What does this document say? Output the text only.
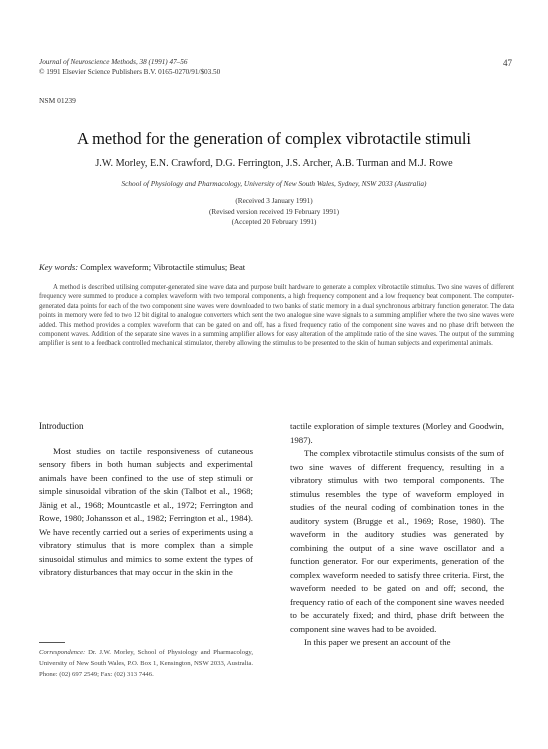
Journal of Neuroscience Methods, 38 (1991) 47–56
© 1991 Elsevier Science Publishers B.V. 0165-0270/91/$03.50
47
NSM 01239
A method for the generation of complex vibrotactile stimuli
J.W. Morley, E.N. Crawford, D.G. Ferrington, J.S. Archer, A.B. Turman and M.J. Rowe
School of Physiology and Pharmacology, University of New South Wales, Sydney, NSW 2033 (Australia)
(Received 3 January 1991)
(Revised version received 19 February 1991)
(Accepted 20 February 1991)
Key words: Complex waveform; Vibrotactile stimulus; Beat
A method is described utilising computer-generated sine wave data and purpose built hardware to generate a complex vibrotactile stimulus. Two sine waves of different frequency were summed to produce a complex waveform with two temporal components, a high frequency component and a low frequency beat component. The computer-generated data points for each of the two component sine waves were downloaded to two banks of static memory in a dual synchronous arbitrary function generator. The data points in memory were fed to two 12 bit digital to analogue converters which sent the two analogue sine wave signals to a summing amplifier where the two sine waves were added. This method provides a complex waveform that can be gated on and off, has a fixed frequency ratio of the component sine waves and no phase drift between the component waves. Addition of the separate sine waves in a summing amplifier allows for easy alteration of the amplitude ratio of the sine waves. The output of the summing amplifier is sent to a feedback controlled mechanical stimulator, thereby allowing the stimulus to be presented to the skin of human subjects and experimental animals.
Introduction

Most studies on tactile responsiveness of cutaneous sensory fibers in both human subjects and experimental animals have been confined to the use of step stimuli or simple sinusoidal vibration of the skin (Talbot et al., 1968; Jänig et al., 1968; Mountcastle et al., 1972; Ferrington and Rowe, 1980; Johansson et al., 1982; Ferrington et al., 1984). We have recently carried out a series of experiments using a vibratory stimulus that is more complex than a simple sinusoidal stimulus and mimics to some extent the types of vibratory disturbances that may occur in the skin in the

tactile exploration of simple textures (Morley and Goodwin, 1987).

The complex vibrotactile stimulus consists of the sum of two sine waves of different frequency, resulting in a vibratory stimulus with two temporal components. The stimulus resembles the type of waveform employed in studies of the neural coding of combination tones in the auditory system (Brugge et al., 1969; Rose, 1980). The waveform in the auditory studies was generated by combining the output of a sine wave oscillator and a function generator. For our experiments, generation of the complex waveform needed to satisfy three criteria. First, the waveform needed to be gated on and off; second, the frequency ratio of each of the component sine waves needed to be accurately fixed; and third, phase drift between the component sine waves had to be avoided.

In this paper we present an account of the

Correspondence: Dr. J.W. Morley, School of Physiology and Pharmacology, University of New South Wales, P.O. Box 1, Kensington, NSW 2033, Australia. Phone: (02) 697 2549; Fax: (02) 313 7446.
